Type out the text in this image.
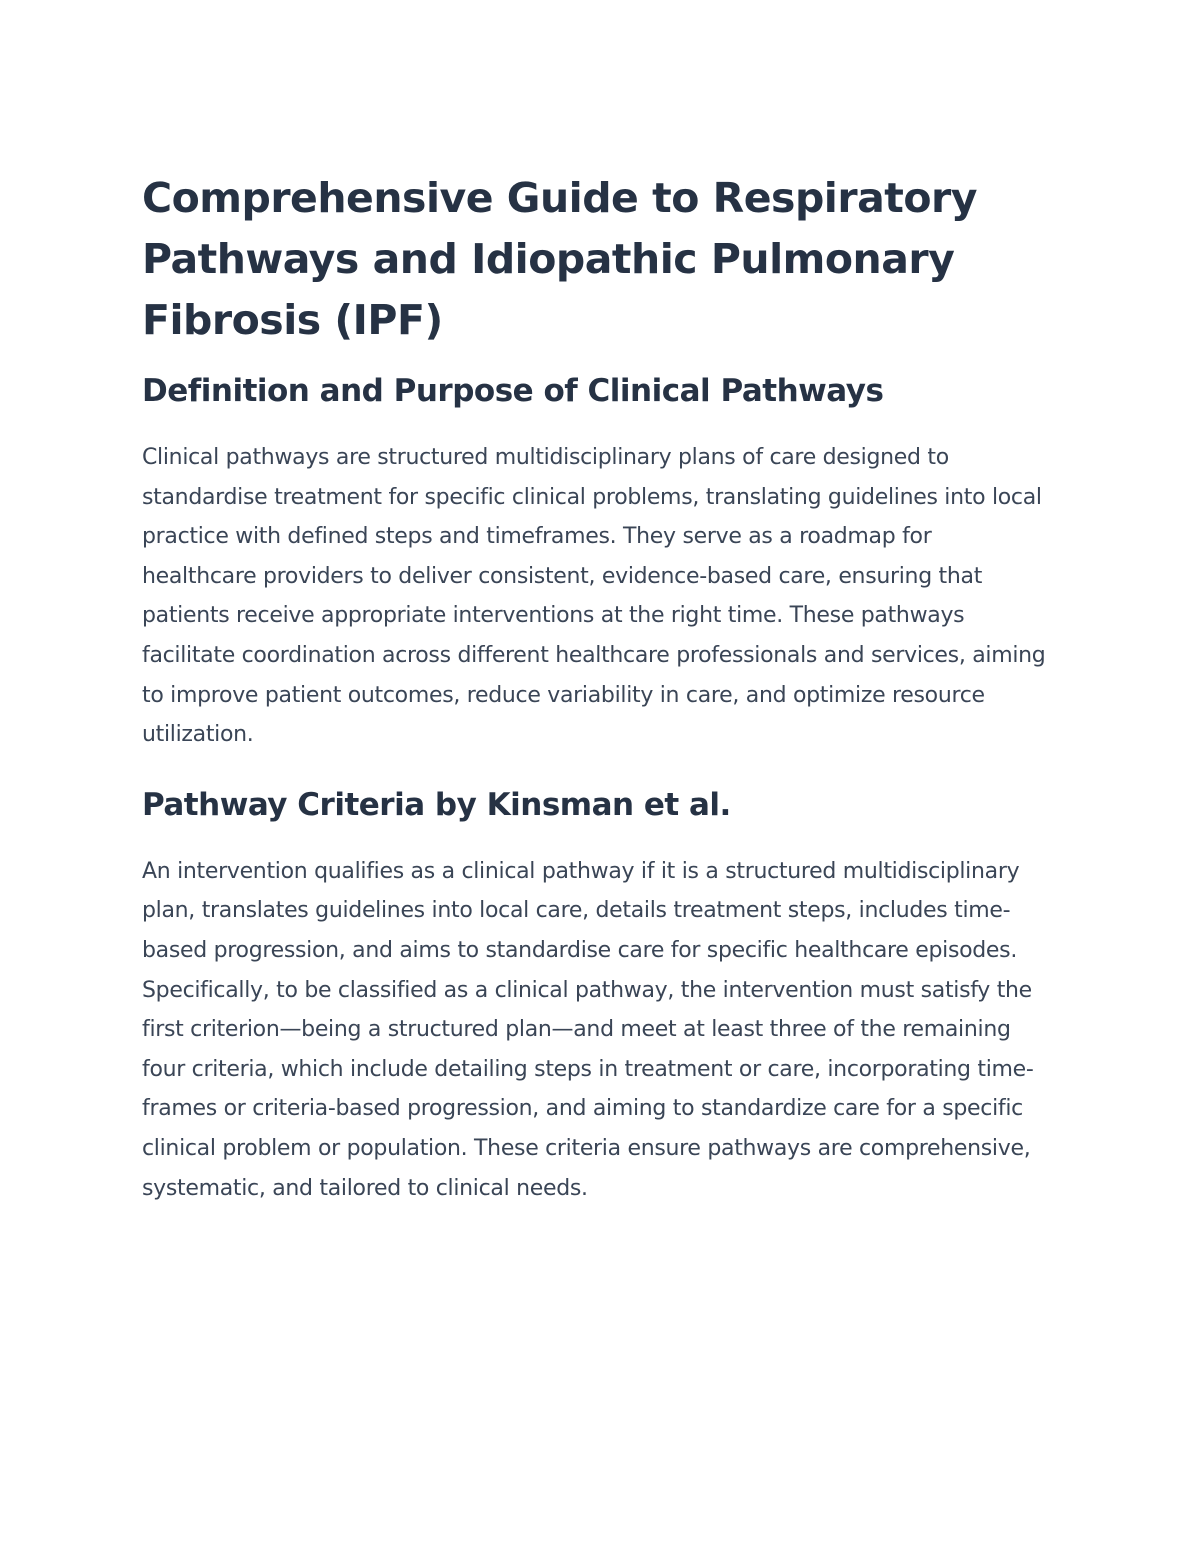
Comprehensive Guide to Respiratory Pathways and Idiopathic Pulmonary Fibrosis (IPF)
Definition and Purpose of Clinical Pathways

Clinical pathways are structured multidisciplinary plans of care designed to standardise treatment for specific clinical problems, translating guidelines into local practice with defined steps and timeframes. They serve as a roadmap for healthcare providers to deliver consistent, evidence-based care, ensuring that patients receive appropriate interventions at the right time. These pathways facilitate coordination across different healthcare professionals and services, aiming to improve patient outcomes, reduce variability in care, and optimize resource utilization.

Pathway Criteria by Kinsman et al.

An intervention qualifies as a clinical pathway if it is a structured multidisciplinary plan, translates guidelines into local care, details treatment steps, includes time-based progression, and aims to standardise care for specific healthcare episodes. Specifically, to be classified as a clinical pathway, the intervention must satisfy the first criterion—being a structured plan—and meet at least three of the remaining four criteria, which include detailing steps in treatment or care, incorporating time-frames or criteria-based progression, and aiming to standardize care for a specific clinical problem or population. These criteria ensure pathways are comprehensive, systematic, and tailored to clinical needs.
